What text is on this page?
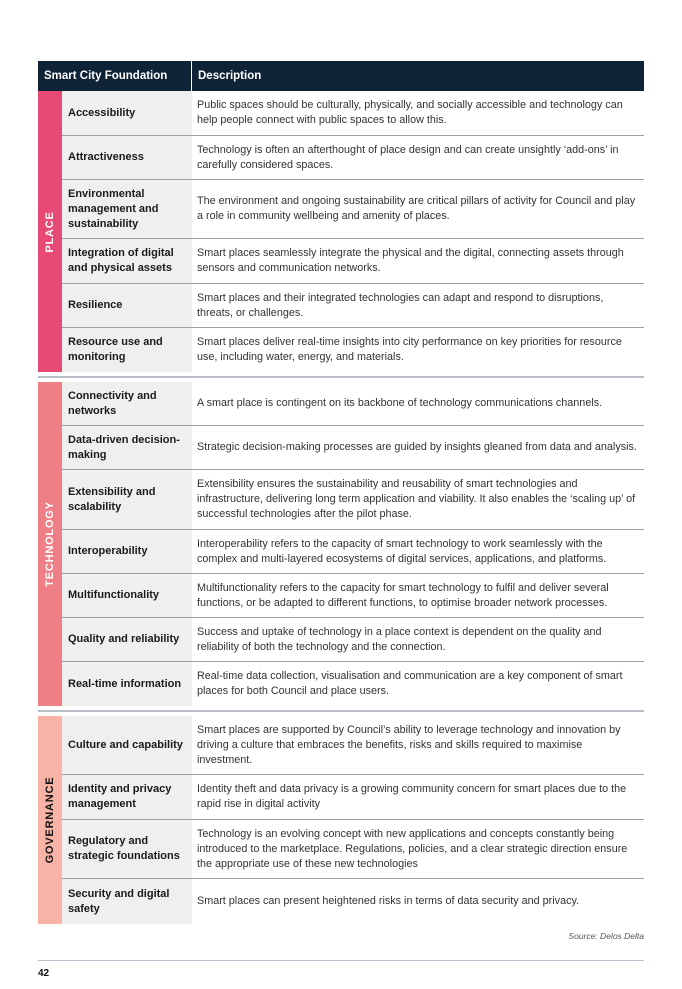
Smart City Foundation	Description
PLACE
Accessibility
Public spaces should be culturally, physically, and socially accessible and technology can help people connect with public spaces to allow this.
Attractiveness
Technology is often an afterthought of place design and can create unsightly ‘add-ons’ in carefully considered spaces.
Environmental management and sustainability
The environment and ongoing sustainability are critical pillars of activity for Council and play a role in community wellbeing and amenity of places.
Integration of digital and physical assets
Smart places seamlessly integrate the physical and the digital, connecting assets through sensors and communication networks.
Resilience
Smart places and their integrated technologies can adapt and respond to disruptions, threats, or challenges.
Resource use and monitoring
Smart places deliver real-time insights into city performance on key priorities for resource use, including water, energy, and materials.
TECHNOLOGY
Connectivity and networks
A smart place is contingent on its backbone of technology communications channels.
Data-driven decision-making
Strategic decision-making processes are guided by insights gleaned from data and analysis.
Extensibility and scalability
Extensibility ensures the sustainability and reusability of smart technologies and infrastructure, delivering long term application and viability. It also enables the ‘scaling up’ of successful technologies after the pilot phase.
Interoperability
Interoperability refers to the capacity of smart technology to work seamlessly with the complex and multi-layered ecosystems of digital services, applications, and platforms.
Multifunctionality
Multifunctionality refers to the capacity for smart technology to fulfil and deliver several functions, or be adapted to different functions, to optimise broader network processes.
Quality and reliability
Success and uptake of technology in a place context is dependent on the quality and reliability of both the technology and the connection.
Real-time information
Real-time data collection, visualisation and communication are a key component of smart places for both Council and place users.
GOVERNANCE
Culture and capability
Smart places are supported by Council’s ability to leverage technology and innovation by driving a culture that embraces the benefits, risks and skills required to maximise investment.
Identity and privacy management
Identity theft and data privacy is a growing community concern for smart places due to the rapid rise in digital activity
Regulatory and strategic foundations
Technology is an evolving concept with new applications and concepts constantly being introduced to the marketplace. Regulations, policies, and a clear strategic direction ensure the appropriate use of these new technologies
Security and digital safety
Smart places can present heightened risks in terms of data security and privacy.
Source: Delos Delta
42
